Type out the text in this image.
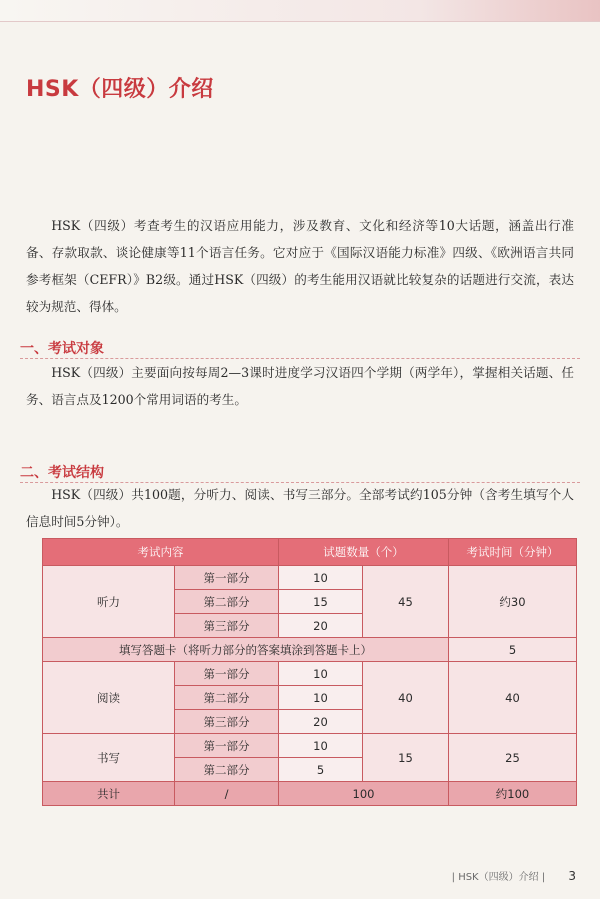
HSK（四级）介绍

HSK（四级）考查考生的汉语应用能力，涉及教育、文化和经济等10大话题，涵盖出行准备、存款取款、谈论健康等11个语言任务。它对应于《国际汉语能力标准》四级、《欧洲语言共同参考框架（CEFR）》B2级。通过HSK（四级）的考生能用汉语就比较复杂的话题进行交流，表达较为规范、得体。

一、考试对象

HSK（四级）主要面向按每周2—3课时进度学习汉语四个学期（两学年），掌握相关话题、任务、语言点及1200个常用词语的考生。

二、考试结构

HSK（四级）共100题，分听力、阅读、书写三部分。全部考试约105分钟（含考生填写个人信息时间5分钟）。

考试内容		试题数量（个）		考试时间（分钟）
听力	第一部分	10	45	约30
	第二部分	15		
	第三部分	20		
填写答题卡（将听力部分的答案填涂到答题卡上）				5
阅读	第一部分	10	40	40
	第二部分	10		
	第三部分	20		
书写	第一部分	10	15	25
	第二部分	5		
共计	/	100		约100
| HSK（四级）介绍 | 3
